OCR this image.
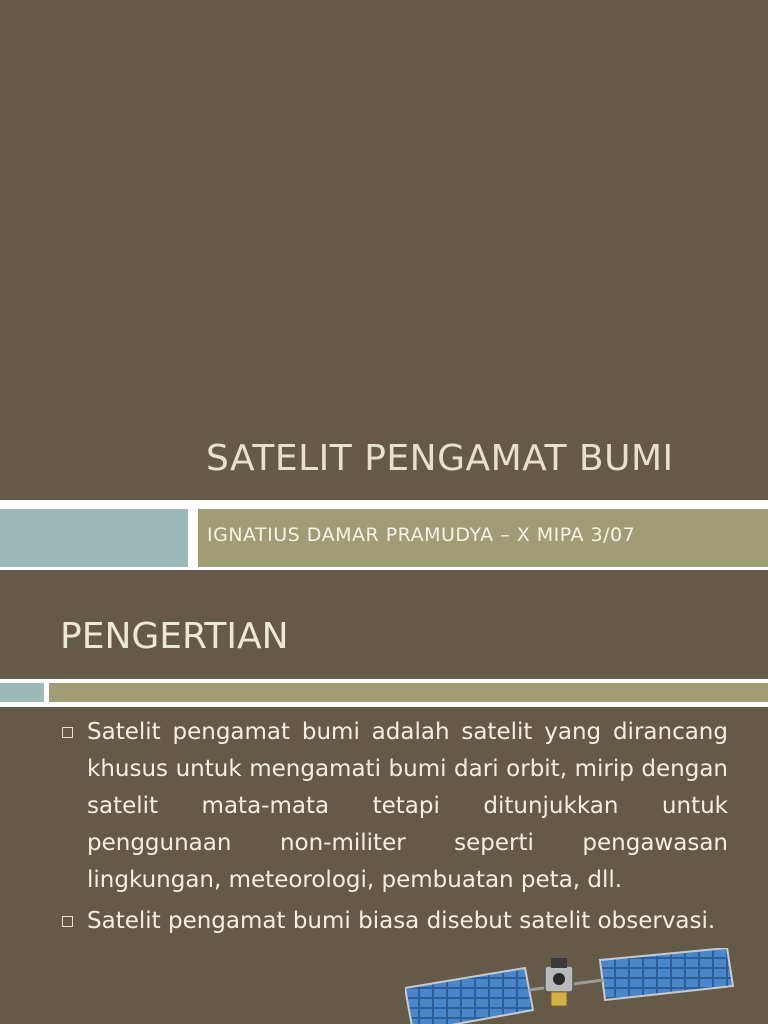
SATELIT PENGAMAT BUMI
IGNATIUS DAMAR PRAMUDYA – X MIPA 3/07
PENGERTIAN
Satelit pengamat bumi adalah satelit yang dirancang khusus untuk mengamati bumi dari orbit, mirip dengan satelit mata-mata tetapi ditunjukkan untuk penggunaan non-militer seperti pengawasan lingkungan, meteorologi, pembuatan peta, dll.
Satelit pengamat bumi biasa disebut satelit observasi.
